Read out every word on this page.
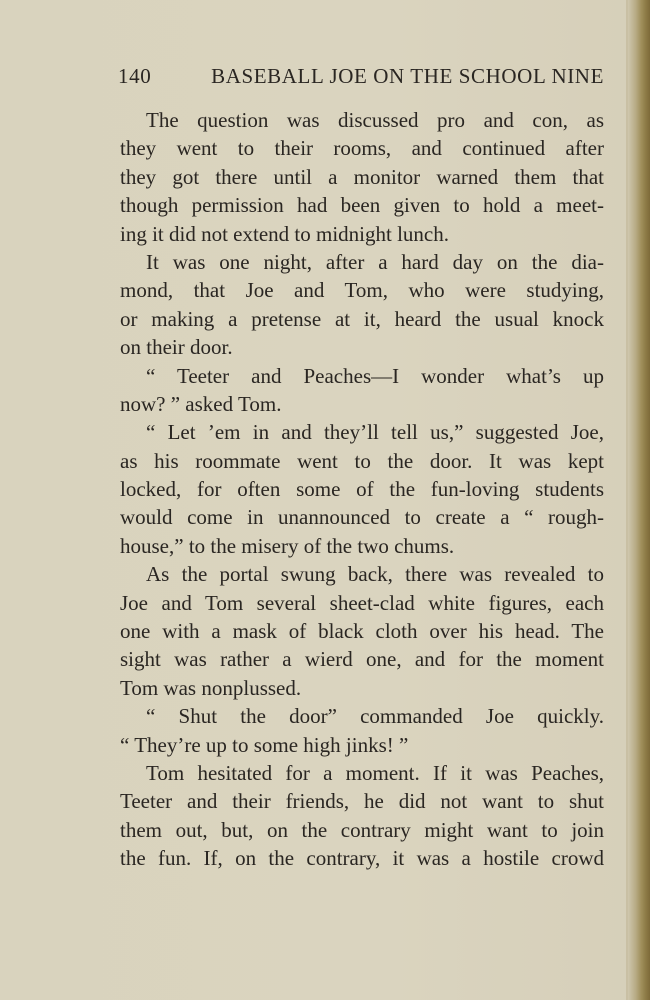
140	BASEBALL JOE ON THE SCHOOL NINE
The question was discussed pro and con, as
they went to their rooms, and continued after
they got there until a monitor warned them that
though permission had been given to hold a meet-
ing it did not extend to midnight lunch.
It was one night, after a hard day on the dia-
mond, that Joe and Tom, who were studying,
or making a pretense at it, heard the usual knock
on their door.
“ Teeter and Peaches—I wonder what’s up
now? ” asked Tom.
“ Let ’em in and they’ll tell us,” suggested Joe,
as his roommate went to the door. It was kept
locked, for often some of the fun-loving students
would come in unannounced to create a “ rough-
house,” to the misery of the two chums.
As the portal swung back, there was revealed to
Joe and Tom several sheet-clad white figures, each
one with a mask of black cloth over his head. The
sight was rather a wierd one, and for the moment
Tom was nonplussed.
“ Shut the door” commanded Joe quickly.
“ They’re up to some high jinks! ”
Tom hesitated for a moment. If it was Peaches,
Teeter and their friends, he did not want to shut
them out, but, on the contrary might want to join
the fun. If, on the contrary, it was a hostile crowd
